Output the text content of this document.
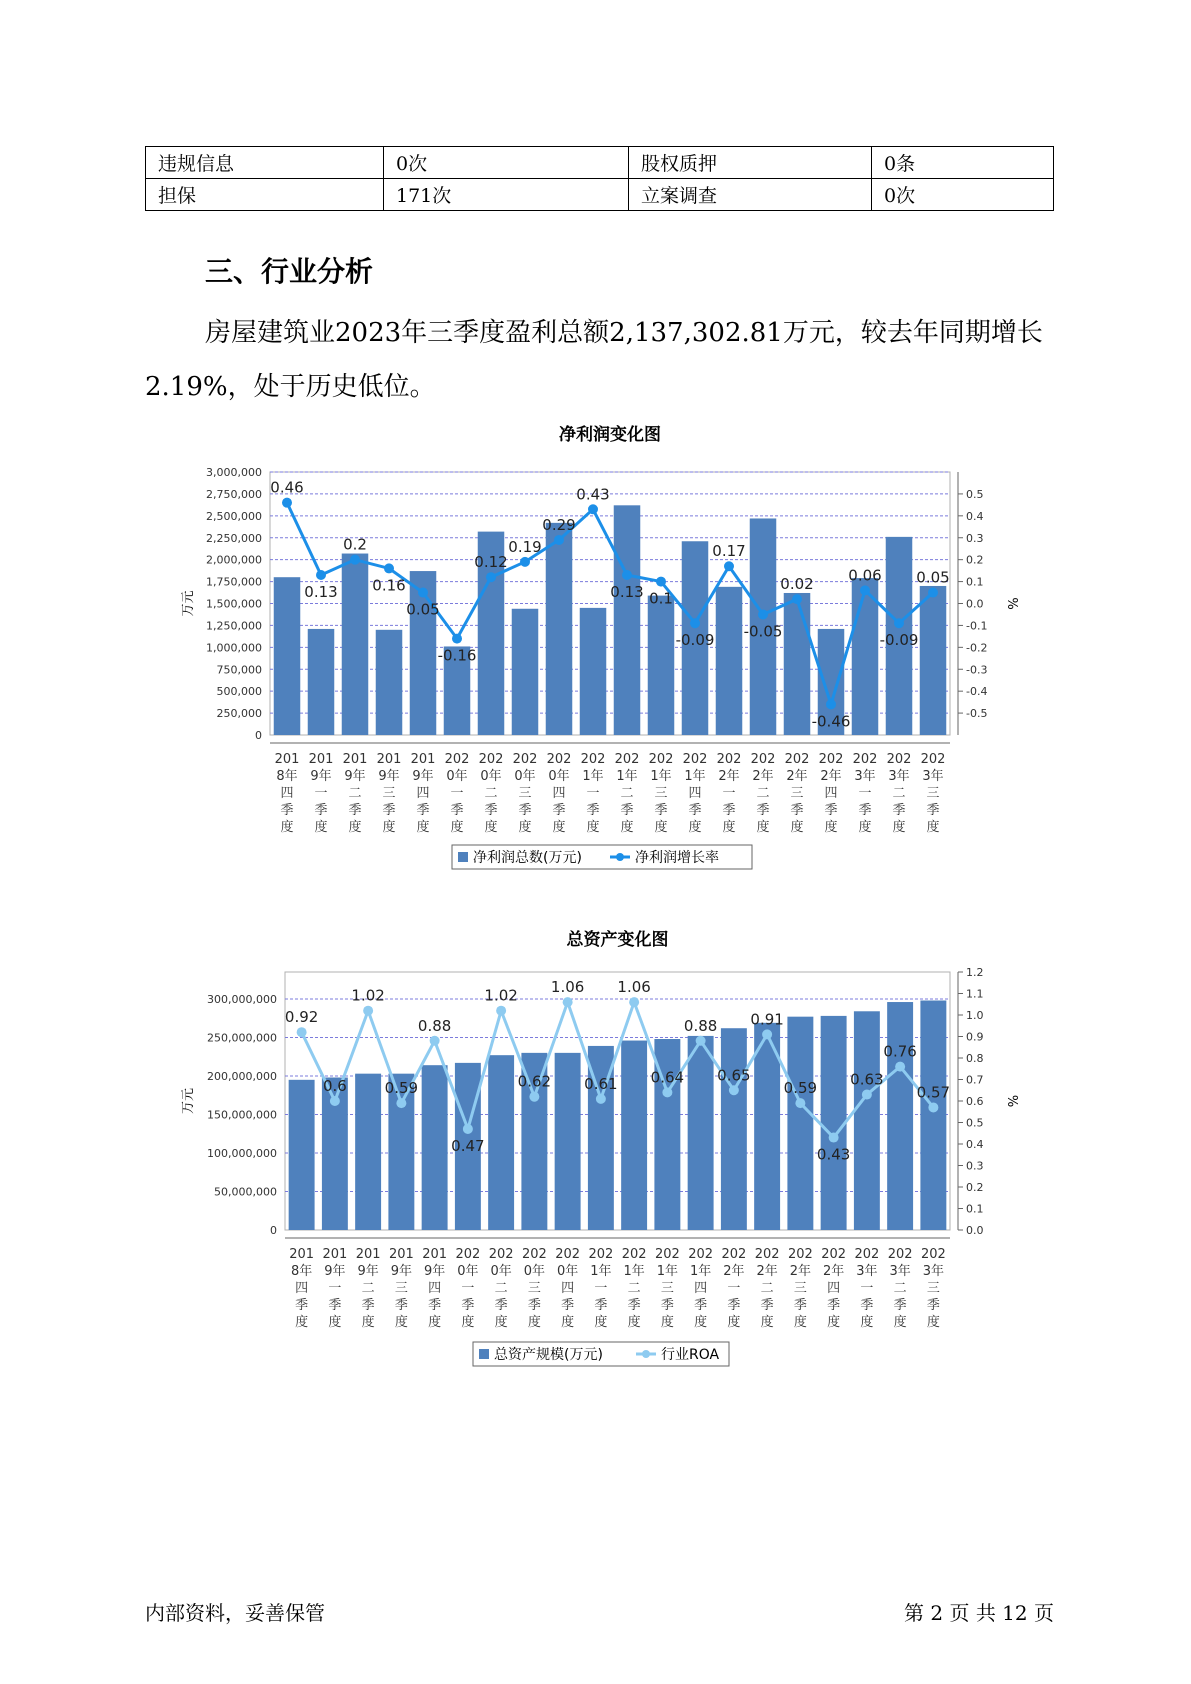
违规信息	0次	股权质押	0条
担保	171次	立案调查	0次
三、行业分析

房屋建筑业2023年三季度盈利总额2,137,302.81万元，较去年同期增长2.19%，处于历史低位。

净利润变化图
0
250,000
500,000
750,000
1,000,000
1,250,000
1,500,000
1,750,000
2,000,000
2,250,000
2,500,000
2,750,000
3,000,000
-0.5
-0.4
-0.3
-0.2
-0.1
0.0
0.1
0.2
0.3
0.4
0.5
万元	%
0.46
0.13
0.2
0.16
0.05
-0.16
0.12
0.19
0.29
0.43
0.13 0.1
-0.09
0.17
-0.05
0.02
-0.46
0.06
-0.09
0.05
201
8年
四
季
度
201
9年
一
季
度
201
9年
二
季
度
201
9年
三
季
度
201
9年
四
季
度
202
0年
一
季
度
202
0年
二
季
度
202
0年
三
季
度
202
0年
四
季
度
202
1年
一
季
度
202
1年
二
季
度
202
1年
三
季
度
202
1年
四
季
度
202
2年
一
季
度
202
2年
二
季
度
202
2年
三
季
度
202
2年
四
季
度
202
3年
一
季
度
202
3年
二
季
度
202
3年
三
季
度
净利润总数(万元)	净利润增长率
总资产变化图
0
50,000,000
100,000,000
150,000,000
200,000,000
250,000,000
300,000,000
0.0
0.1
0.2
0.3
0.4
0.5
0.6
0.7
0.8
0.9
1.0
1.1
1.2
万元	%
0.92
0.6
1.02
0.59
0.88
0.47
1.02
0.62
1.06
0.61
1.06
0.64
0.88
0.65
0.91
0.59
0.43
0.63
0.76
0.57
201
8年
四
季
度
201
9年
一
季
度
201
9年
二
季
度
201
9年
三
季
度
201
9年
四
季
度
202
0年
一
季
度
202
0年
二
季
度
202
0年
三
季
度
202
0年
四
季
度
202
1年
一
季
度
202
1年
二
季
度
202
1年
三
季
度
202
1年
四
季
度
202
2年
一
季
度
202
2年
二
季
度
202
2年
三
季
度
202
2年
四
季
度
202
3年
一
季
度
202
3年
二
季
度
202
3年
三
季
度
总资产规模(万元)	行业ROA
内部资料，妥善保管	第 2 页 共 12 页
